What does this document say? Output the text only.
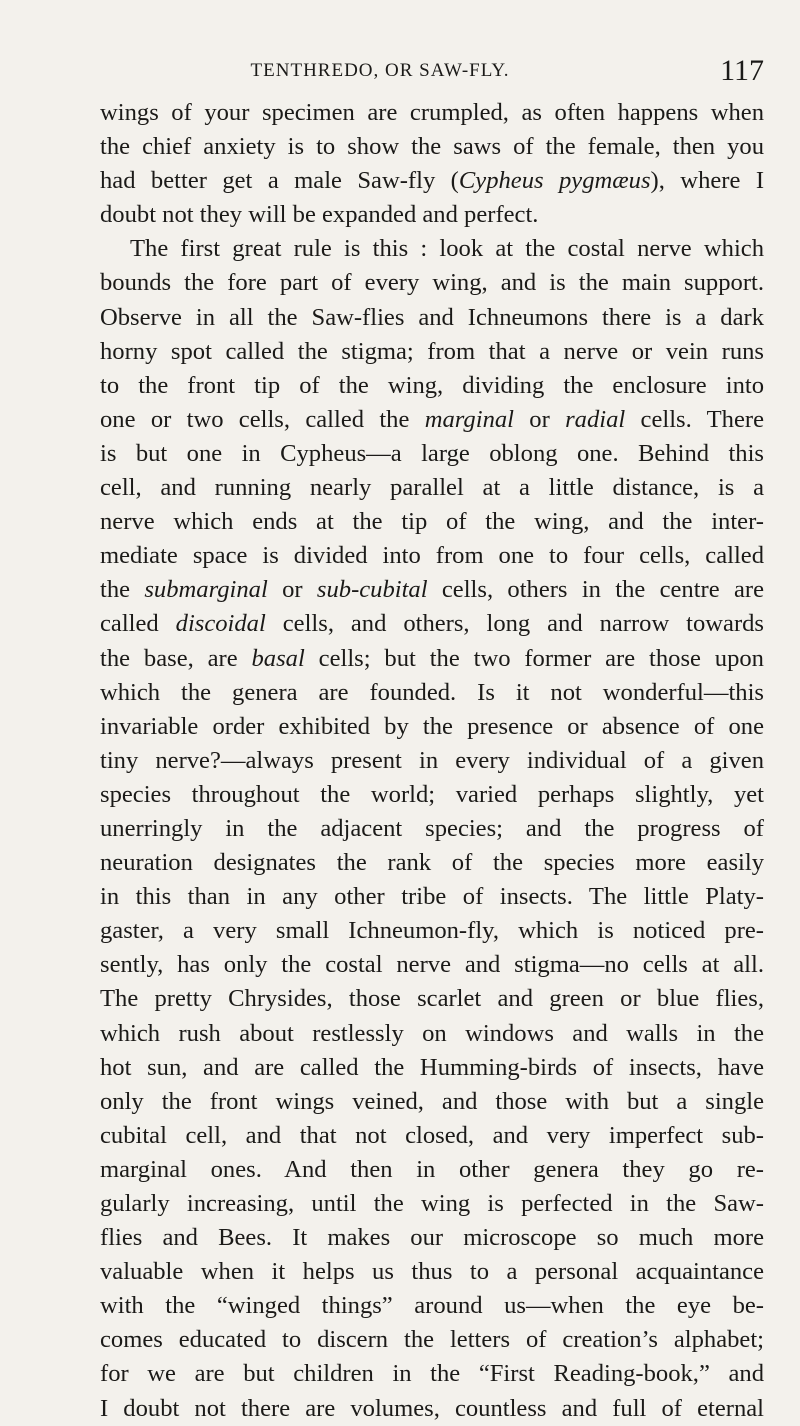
TENTHREDO, OR SAW-FLY.	117
wings of your specimen are crumpled, as often happens when
the chief anxiety is to show the saws of the female, then you
had better get a male Saw-fly (Cypheus pygmæus), where I
doubt not they will be expanded and perfect.
The first great rule is this : look at the costal nerve which
bounds the fore part of every wing, and is the main support.
Observe in all the Saw-flies and Ichneumons there is a dark
horny spot called the stigma; from that a nerve or vein runs
to the front tip of the wing, dividing the enclosure into
one or two cells, called the marginal or radial cells. There
is but one in Cypheus—a large oblong one. Behind this
cell, and running nearly parallel at a little distance, is a
nerve which ends at the tip of the wing, and the inter-
mediate space is divided into from one to four cells, called
the submarginal or sub-cubital cells, others in the centre are
called discoidal cells, and others, long and narrow towards
the base, are basal cells; but the two former are those upon
which the genera are founded. Is it not wonderful—this
invariable order exhibited by the presence or absence of one
tiny nerve?—always present in every individual of a given
species throughout the world; varied perhaps slightly, yet
unerringly in the adjacent species; and the progress of
neuration designates the rank of the species more easily
in this than in any other tribe of insects. The little Platy-
gaster, a very small Ichneumon-fly, which is noticed pre-
sently, has only the costal nerve and stigma—no cells at all.
The pretty Chrysides, those scarlet and green or blue flies,
which rush about restlessly on windows and walls in the
hot sun, and are called the Humming-birds of insects, have
only the front wings veined, and those with but a single
cubital cell, and that not closed, and very imperfect sub-
marginal ones. And then in other genera they go re-
gularly increasing, until the wing is perfected in the Saw-
flies and Bees. It makes our microscope so much more
valuable when it helps us thus to a personal acquaintance
with the “winged things” around us—when the eye be-
comes educated to discern the letters of creation’s alphabet;
for we are but children in the “First Reading-book,” and
I doubt not there are volumes, countless and full of eternal
